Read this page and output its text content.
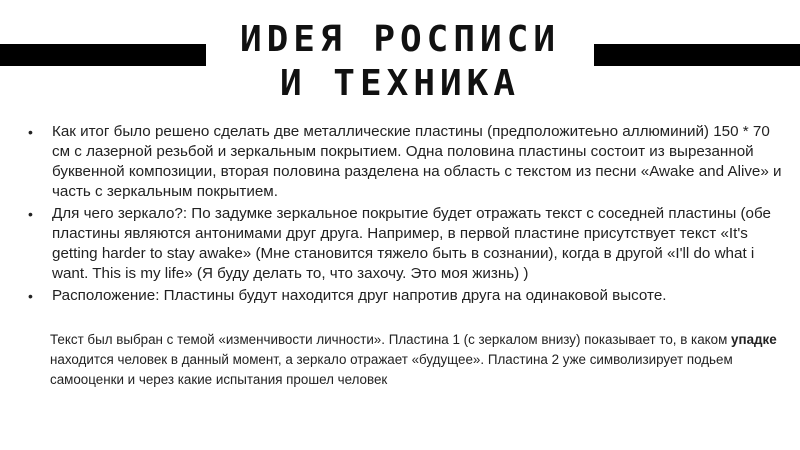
ИDЕЯ РОСПИСИ
И ТЕХНИКА
•	Как итог было решено сделать две металлические пластины (предположитеьно аллюминий) 150 * 70 см с лазерной резьбой и зеркальным покрытием. Одна половина пластины состоит из вырезанной буквенной композиции, вторая половина разделена на область с текстом из песни «Awake and Alive» и часть с зеркальным покрытием.
•	Для чего зеркало?: По задумке зеркальное покрытие будет отражать текст с соседней пластины (обе пластины являются антонимами друг друга. Например, в первой пластине присутствует текст «It's getting harder to stay awake» (Мне становится тяжело быть в сознании), когда в другой «I'll do what i want. This is my life» (Я буду делать то, что захочу. Это моя жизнь) )
•	Расположение: Пластины будут находится друг напротив друга на одинаковой высоте.
Текст был выбран с темой «изменчивости личности». Пластина 1 (с зеркалом внизу) показывает то, в каком упадке находится человек в данный момент, а зеркало отражает «будущее». Пластина 2 уже символизирует подьем самооценки и через какие испытания прошел человек
